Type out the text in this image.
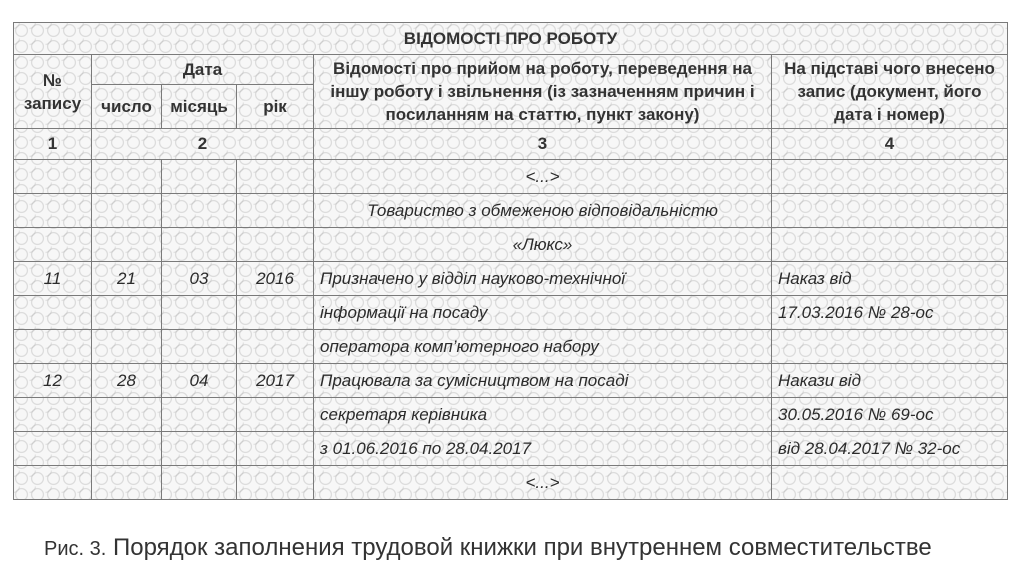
ВІДОМОСТІ ПРО РОБОТУ					
№ запису	Дата			Відомості про прийом на роботу, переведення на іншу роботу і звільнення (із зазначенням причин і посиланням на статтю, пункт закону)	На підставі чого внесено запис (документ, його дата і номер)
	число	місяць	рік		
1	2			3	4
				<...>	
				Товариство з обмеженою відповідальністю	
				«Люкс»	
11	21	03	2016	Призначено у відділ науково-технічної	Наказ від
				інформації на посаду	17.03.2016 № 28-ос
				оператора комп’ютерного набору	
12	28	04	2017	Працювала за сумісництвом на посаді	Накази від
				секретаря керівника	30.05.2016 № 69-ос
				з 01.06.2016 по 28.04.2017	від 28.04.2017 № 32-ос
				<...>	
Рис. 3. Порядок заполнения трудовой книжки при внутреннем совместительстве
